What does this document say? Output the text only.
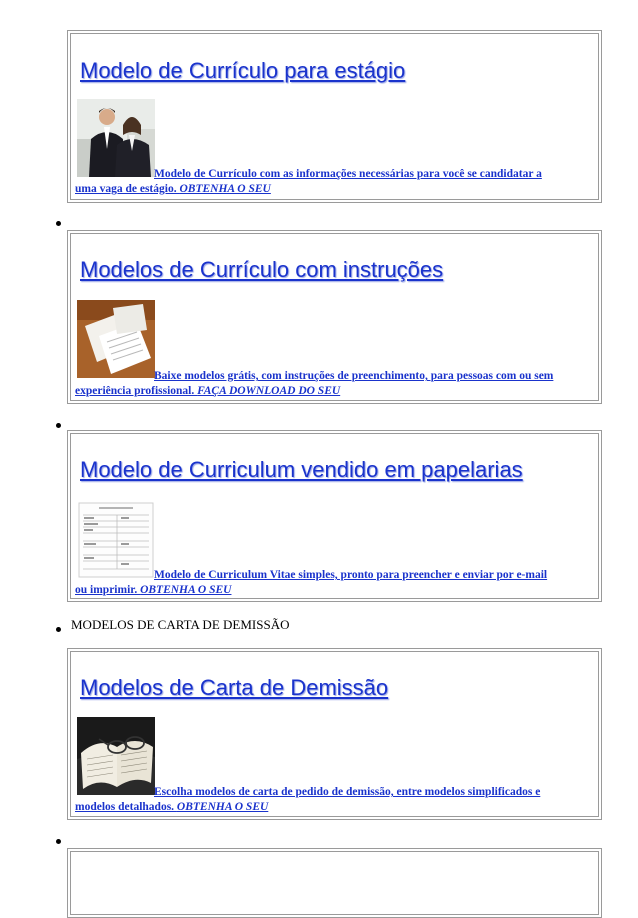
Modelo de Currículo para estágio
Modelo de Currículo com as informações necessárias para você se candidatar a
uma vaga de estágio. OBTENHA O SEU
Modelos de Currículo com instruções
Baixe modelos grátis, com instruções de preenchimento, para pessoas com ou sem
experiência profissional. FAÇA DOWNLOAD DO SEU
Modelo de Curriculum vendido em papelarias
Modelo de Curriculum Vitae simples, pronto para preencher e enviar por e-mail
ou imprimir. OBTENHA O SEU
MODELOS DE CARTA DE DEMISSÃO
Modelos de Carta de Demissão
Escolha modelos de carta de pedido de demissão, entre modelos simplificados e
modelos detalhados. OBTENHA O SEU
